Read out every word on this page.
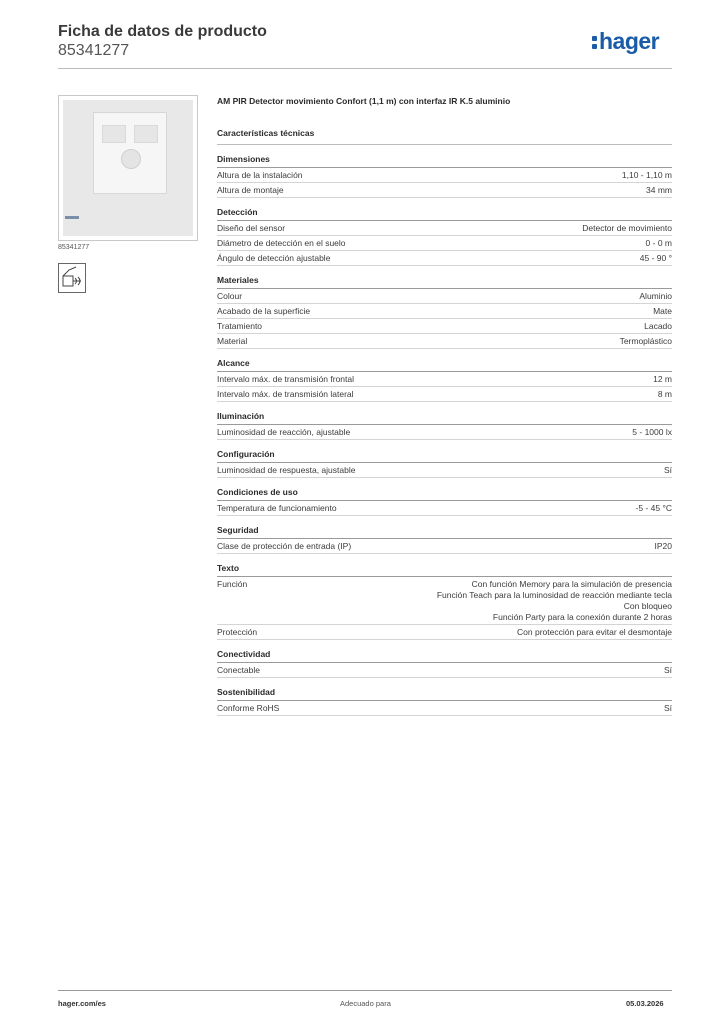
Ficha de datos de producto
85341277	hager
85341277
AM PIR Detector movimiento Confort (1,1 m) con interfaz IR K.5 aluminio
Características técnicas
Dimensiones
Altura de la instalación	1,10 - 1,10 m
Altura de montaje	34 mm
Detección
Diseño del sensor	Detector de movimiento
Diámetro de detección en el suelo	0 - 0 m
Ángulo de detección ajustable	45 - 90 °
Materiales
Colour	Aluminio
Acabado de la superficie	Mate
Tratamiento	Lacado
Material	Termoplástico
Alcance
Intervalo máx. de transmisión frontal	12 m
Intervalo máx. de transmisión lateral	8 m
Iluminación
Luminosidad de reacción, ajustable	5 - 1000 lx
Configuración
Luminosidad de respuesta, ajustable	Sí
Condiciones de uso
Temperatura de funcionamiento	-5 - 45 °C
Seguridad
Clase de protección de entrada (IP)	IP20
Texto
Función	Con función Memory para la simulación de presencia
Función Teach para la luminosidad de reacción mediante tecla
Con bloqueo
Función Party para la conexión durante 2 horas
Protección	Con protección para evitar el desmontaje
Conectividad
Conectable	Sí
Sostenibilidad
Conforme RoHS	Sí
hager.com/es	Adecuado para	05.03.2026
